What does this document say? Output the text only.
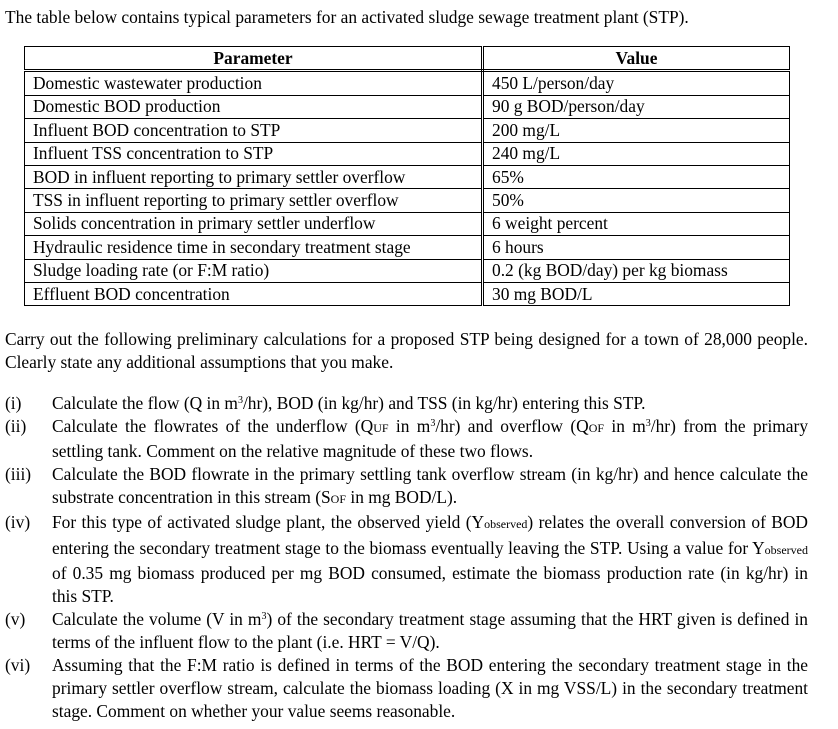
The table below contains typical parameters for an activated sludge sewage treatment plant (STP).
Parameter	Value
Domestic wastewater production	450 L/person/day
Domestic BOD production	90 g BOD/person/day
Influent BOD concentration to STP	200 mg/L
Influent TSS concentration to STP	240 mg/L
BOD in influent reporting to primary settler overflow	65%
TSS in influent reporting to primary settler overflow	50%
Solids concentration in primary settler underflow	6 weight percent
Hydraulic residence time in secondary treatment stage	6 hours
Sludge loading rate (or F:M ratio)	0.2 (kg BOD/day) per kg biomass
Effluent BOD concentration	30 mg BOD/L
Carry out the following preliminary calculations for a proposed STP being designed for a town of 28,000 people. Clearly state any additional assumptions that you make.
(i)	Calculate the flow (Q in $m^3/hr$), BOD (in kg/hr) and TSS (in kg/hr) entering this STP.
(ii)	Calculate the flowrates of the underflow (QUF in $m^3/hr$) and overflow (QOF in $m^3/hr$) from the primary settling tank. Comment on the relative magnitude of these two flows.
(iii)	Calculate the BOD flowrate in the primary settling tank overflow stream (in kg/hr) and hence calculate the substrate concentration in this stream (SOF in mg BOD/L).
(iv)	For this type of activated sludge plant, the observed yield (Yobserved) relates the overall conversion of BOD entering the secondary treatment stage to the biomass eventually leaving the STP. Using a value for Yobserved of 0.35 mg biomass produced per mg BOD consumed, estimate the biomass production rate (in kg/hr) in this STP.
(v)	Calculate the volume (V in $m^3$) of the secondary treatment stage assuming that the HRT given is defined in terms of the influent flow to the plant (i.e. HRT = V/Q).
(vi)	Assuming that the F:M ratio is defined in terms of the BOD entering the secondary treatment stage in the primary settler overflow stream, calculate the biomass loading (X in mg VSS/L) in the secondary treatment stage. Comment on whether your value seems reasonable.
